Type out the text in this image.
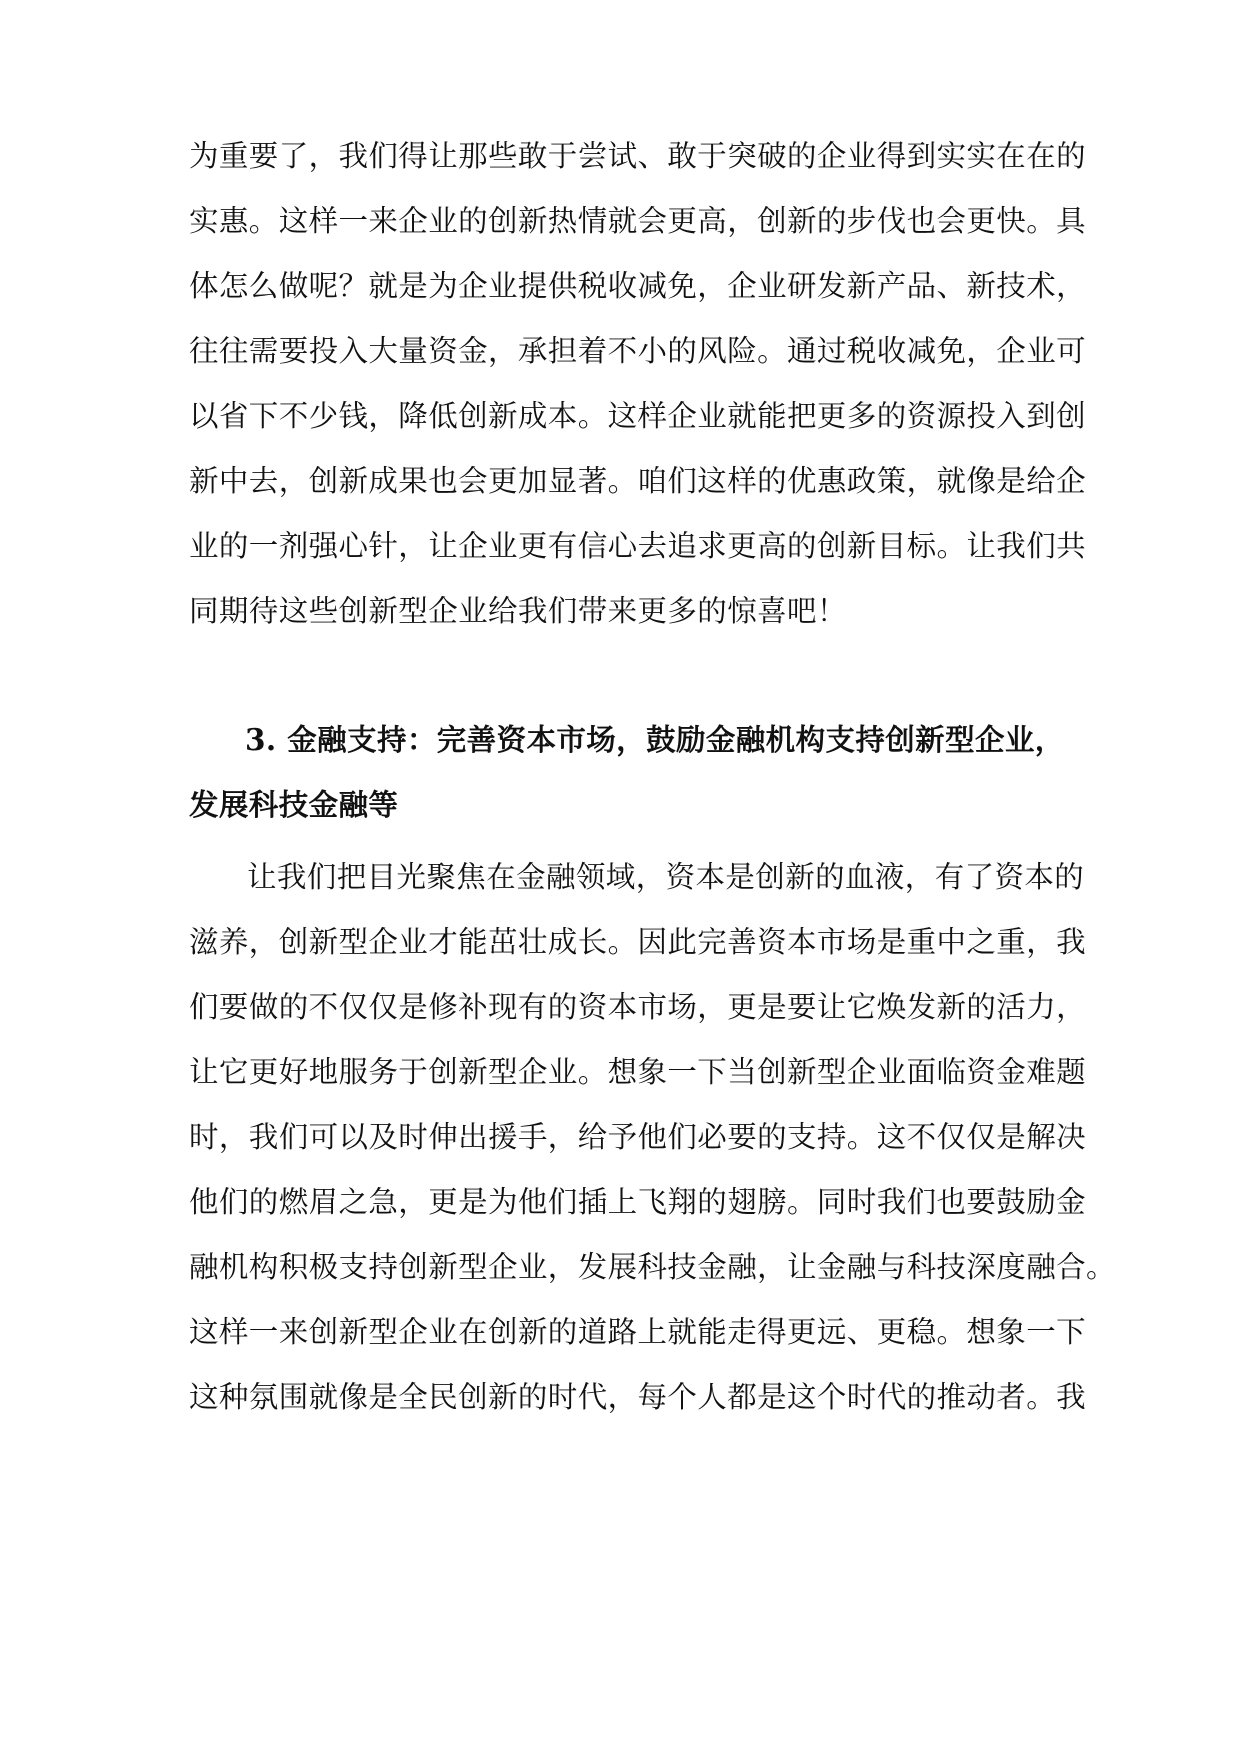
为重要了，我们得让那些敢于尝试、敢于突破的企业得到实实在在的
实惠。这样一来企业的创新热情就会更高，创新的步伐也会更快。具
体怎么做呢？就是为企业提供税收减免，企业研发新产品、新技术，
往往需要投入大量资金，承担着不小的风险。通过税收减免，企业可
以省下不少钱，降低创新成本。这样企业就能把更多的资源投入到创
新中去，创新成果也会更加显著。咱们这样的优惠政策，就像是给企
业的一剂强心针，让企业更有信心去追求更高的创新目标。让我们共
同期待这些创新型企业给我们带来更多的惊喜吧！
3. 金融支持：完善资本市场，鼓励金融机构支持创新型企业，
发展科技金融等
让我们把目光聚焦在金融领域，资本是创新的血液，有了资本的
滋养，创新型企业才能茁壮成长。因此完善资本市场是重中之重，我
们要做的不仅仅是修补现有的资本市场，更是要让它焕发新的活力，
让它更好地服务于创新型企业。想象一下当创新型企业面临资金难题
时，我们可以及时伸出援手，给予他们必要的支持。这不仅仅是解决
他们的燃眉之急，更是为他们插上飞翔的翅膀。同时我们也要鼓励金
融机构积极支持创新型企业，发展科技金融，让金融与科技深度融合。
这样一来创新型企业在创新的道路上就能走得更远、更稳。想象一下
这种氛围就像是全民创新的时代，每个人都是这个时代的推动者。我
